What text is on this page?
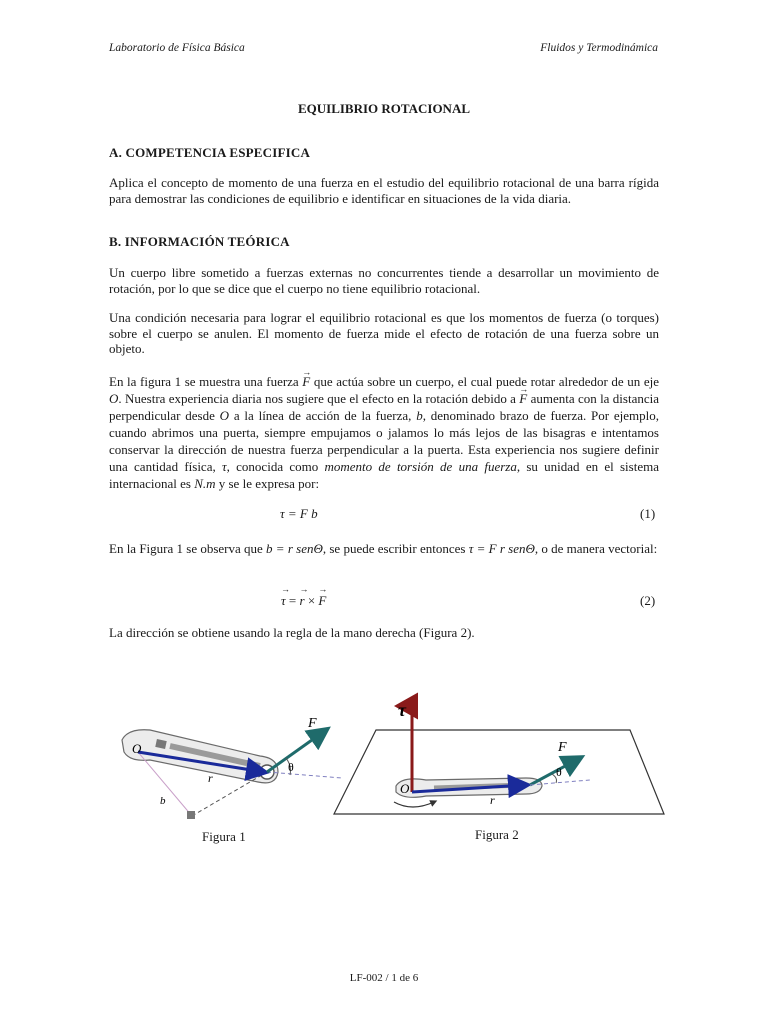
Laboratorio de Física Básica	Fluidos y Termodinámica
EQUILIBRIO ROTACIONAL
A. COMPETENCIA ESPECIFICA
Aplica el concepto de momento de una fuerza en el estudio del equilibrio rotacional de una barra rígida para demostrar las condiciones de equilibrio e identificar en situaciones de la vida diaria.
B. INFORMACIÓN TEÓRICA
Un cuerpo libre sometido a fuerzas externas no concurrentes tiende a desarrollar un movimiento de rotación, por lo que se dice que el cuerpo no tiene equilibrio rotacional.
Una condición necesaria para lograr el equilibrio rotacional es que los momentos de fuerza (o torques) sobre el cuerpo se anulen. El momento de fuerza mide el efecto de rotación de una fuerza sobre un objeto.
En la figura 1 se muestra una fuerza → F que actúa sobre un cuerpo, el cual puede rotar alrededor de un eje O. Nuestra experiencia diaria nos sugiere que el efecto en la rotación debido a → F aumenta con la distancia perpendicular desde O a la línea de acción de la fuerza, b, denominado brazo de fuerza. Por ejemplo, cuando abrimos una puerta, siempre empujamos o jalamos lo más lejos de las bisagras e intentamos conservar la dirección de nuestra fuerza perpendicular a la puerta. Esta experiencia nos sugiere definir una cantidad física, τ, conocida como momento de torsión de una fuerza, su unidad en el sistema internacional es N.m y se le expresa por:
τ = F b	(1)
En la Figura 1 se observa que b = r senΘ, se puede escribir entonces τ = F r senΘ, o de manera vectorial:
→ τ = → r × → F	(2)
La dirección se obtiene usando la regla de la mano derecha (Figura 2).
O
F
r
b
θ
Figura 1
τ
O
F
r
θ
Figura 2
LF-002 / 1 de 6
